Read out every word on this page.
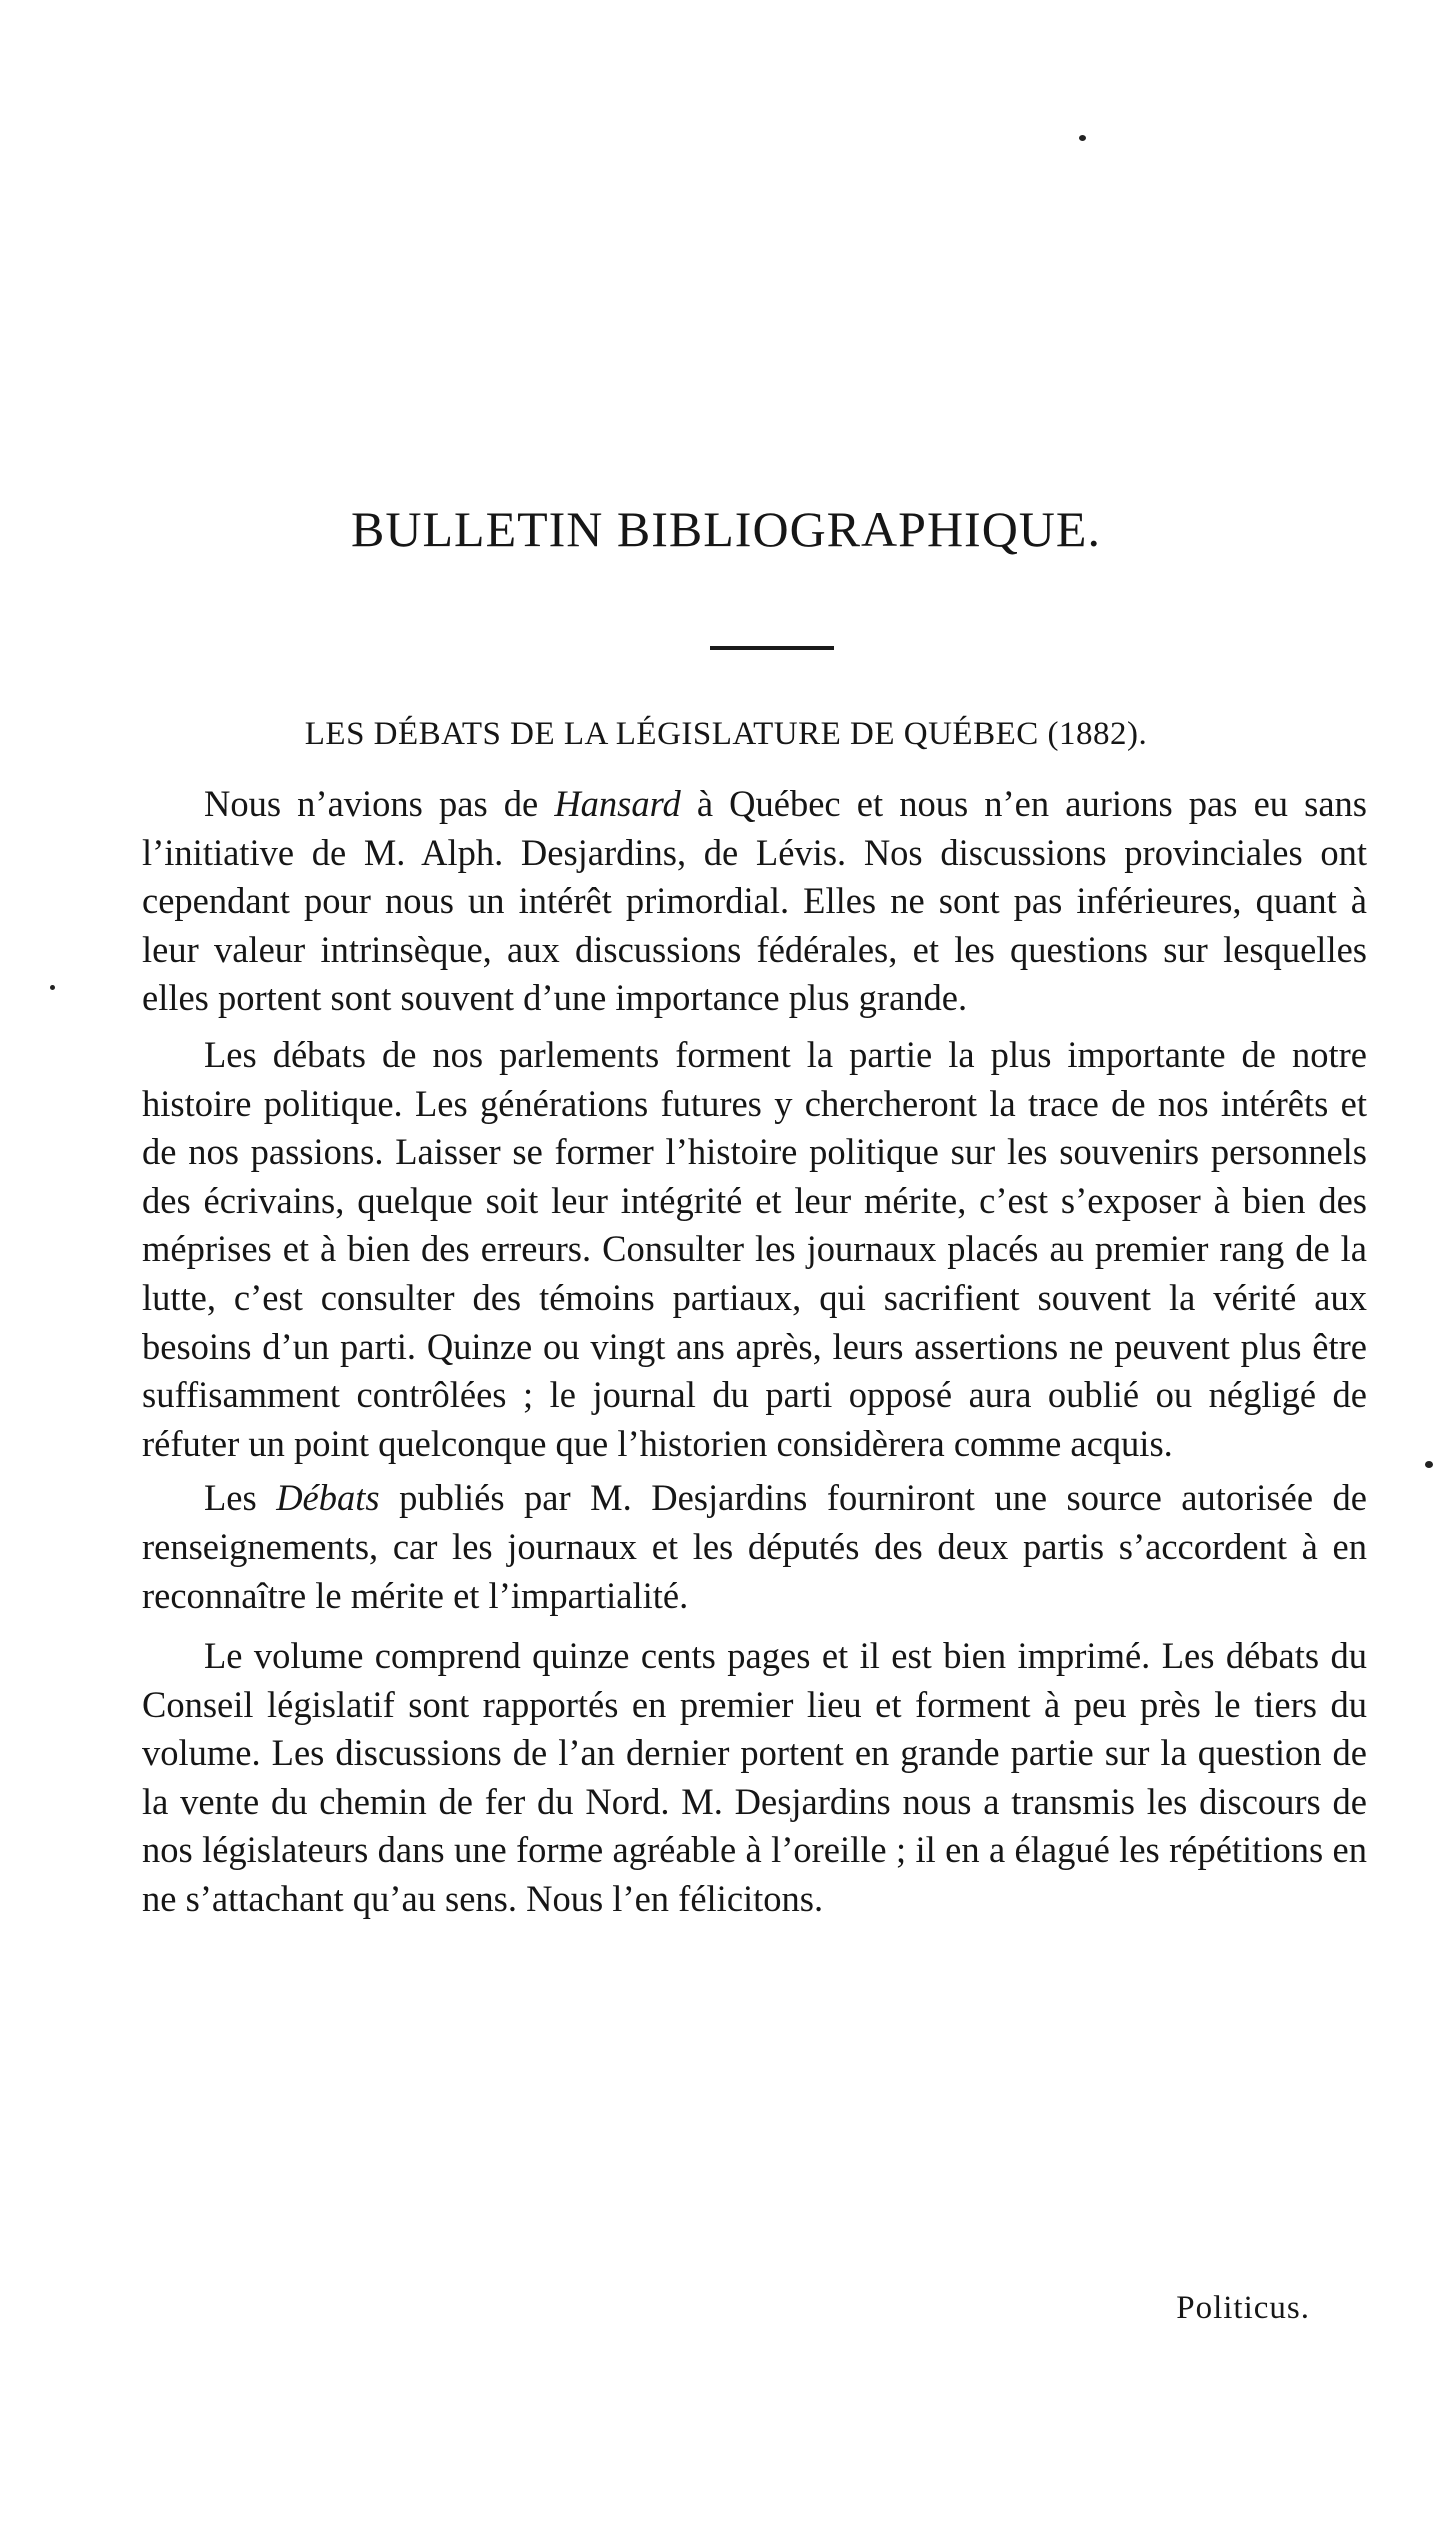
BULLETIN BIBLIOGRAPHIQUE.
LES DÉBATS DE LA LÉGISLATURE DE QUÉBEC (1882).

Nous n’avions pas de Hansard à Québec et nous n’en aurions pas eu sans l’initiative de M. Alph. Desjardins, de Lévis. Nos discussions provinciales ont cependant pour nous un intérêt primordial. Elles ne sont pas inférieures, quant à leur valeur intrinsèque, aux discussions fédérales, et les questions sur lesquelles elles portent sont souvent d’une importance plus grande.

Les débats de nos parlements forment la partie la plus importante de notre histoire politique. Les générations futures y chercheront la trace de nos intérêts et de nos passions. Laisser se former l’histoire politique sur les souvenirs personnels des écrivains, quelque soit leur intégrité et leur mérite, c’est s’exposer à bien des méprises et à bien des erreurs. Consulter les journaux placés au premier rang de la lutte, c’est consulter des témoins partiaux, qui sacrifient souvent la vérité aux besoins d’un parti. Quinze ou vingt ans après, leurs assertions ne peuvent plus être suffisamment contrôlées ; le journal du parti opposé aura oublié ou négligé de réfuter un point quelconque que l’historien considèrera comme acquis.

Les Débats publiés par M. Desjardins fourniront une source autorisée de renseignements, car les journaux et les députés des deux partis s’accordent à en reconnaître le mérite et l’impartialité.

Le volume comprend quinze cents pages et il est bien imprimé. Les débats du Conseil législatif sont rapportés en premier lieu et forment à peu près le tiers du volume. Les discussions de l’an dernier portent en grande partie sur la question de la vente du chemin de fer du Nord. M. Desjardins nous a transmis les discours de nos législateurs dans une forme agréable à l’oreille ; il en a élagué les répétitions en ne s’attachant qu’au sens. Nous l’en félicitons.

Politicus.
